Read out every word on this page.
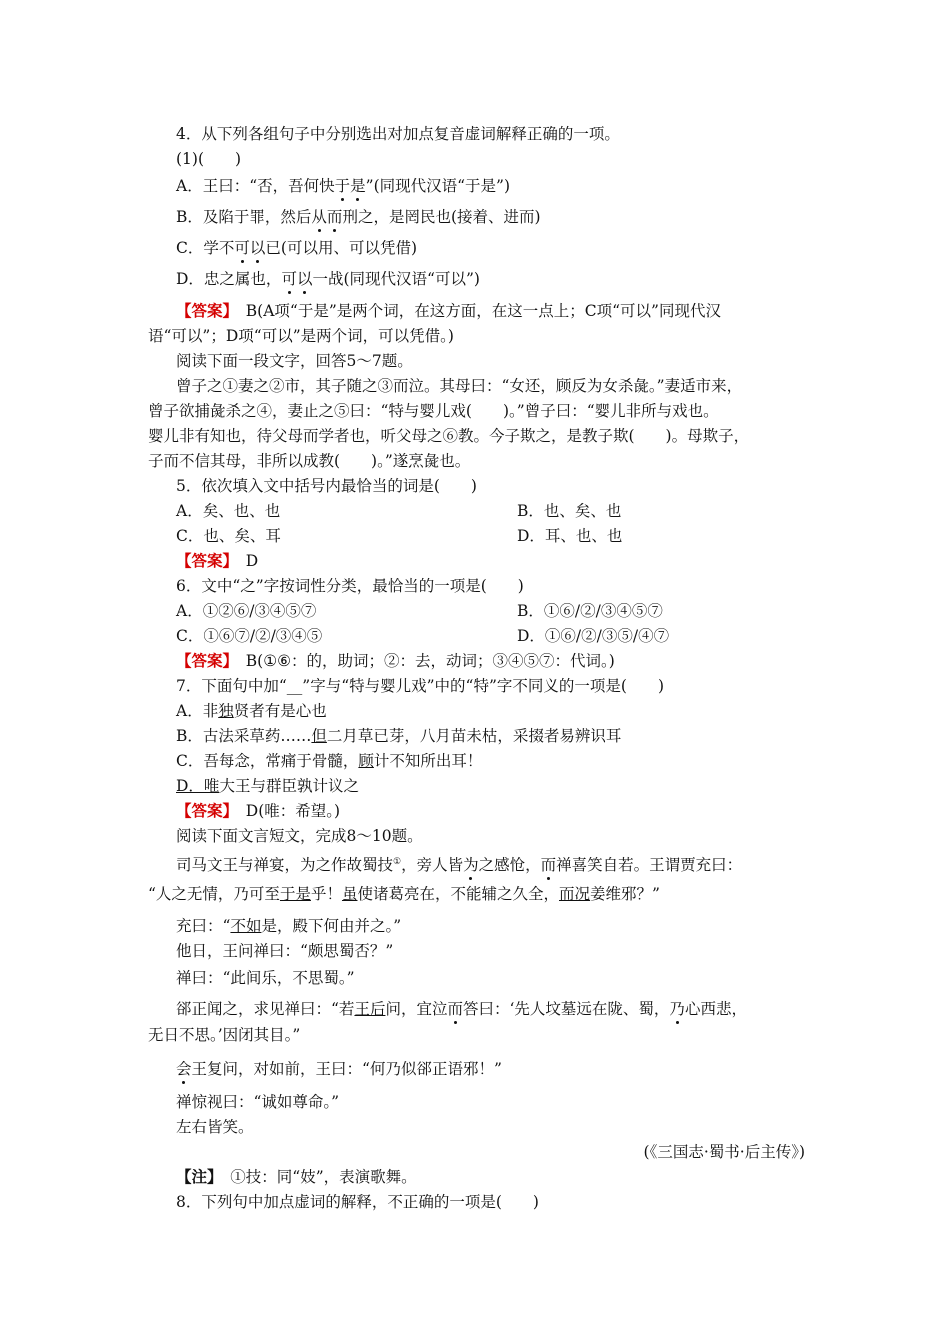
4．从下列各组句子中分别选出对加点复音虚词解释正确的一项。
(1)(　　)
A．王曰：“否，吾何快于是”(同现代汉语“于是”)
B．及陷于罪，然后从而刑之，是罔民也(接着、进而)
C．学不可以已(可以用、可以凭借)
D．忠之属也，可以一战(同现代汉语“可以”)
【答案】　B(A项“于是”是两个词，在这方面，在这一点上；C项“可以”同现代汉
语“可以”；D项“可以”是两个词，可以凭借。)
阅读下面一段文字，回答5～7题。
曾子之①妻之②市，其子随之③而泣。其母曰：“女还，顾反为女杀彘。”妻适市来，
曾子欲捕彘杀之④，妻止之⑤曰：“特与婴儿戏(　　)。”曾子曰：“婴儿非所与戏也。
婴儿非有知也，待父母而学者也，听父母之⑥教。今子欺之，是教子欺(　　)。母欺子，
子而不信其母，非所以成教(　　)。”遂烹彘也。
5．依次填入文中括号内最恰当的词是(　　)
A．矣、也、也	B．也、矣、也
C．也、矣、耳	D．耳、也、也
【答案】　D
6．文中“之”字按词性分类，最恰当的一项是(　　)
A．①②⑥/③④⑤⑦	B．①⑥/②/③④⑤⑦
C．①⑥⑦/②/③④⑤	D．①⑥/②/③⑤/④⑦
【答案】　B(①⑥：的，助词；②：去，动词；③④⑤⑦：代词。)
7．下面句中加“__”字与“特与婴儿戏”中的“特”字不同义的一项是(　　)
A．非独贤者有是心也
B．古法采草药……但二月草已芽，八月苗未枯，采掇者易辨识耳
C．吾每念，常痛于骨髓，顾计不知所出耳！
D．唯大王与群臣孰计议之
【答案】　D(唯：希望。)
阅读下面文言短文，完成8～10题。
司马文王与禅宴，为之作故蜀技①，旁人皆为之感怆，而禅喜笑自若。王谓贾充曰：
“人之无情，乃可至于是乎！虽使诸葛亮在，不能辅之久全，而况姜维邪？”
充曰：“不如是，殿下何由并之。”
他日，王问禅曰：“颇思蜀否？”
禅曰：“此间乐，不思蜀。”
郤正闻之，求见禅曰：“若王后问，宜泣而答曰：‘先人坟墓远在陇、蜀，乃心西悲，
无日不思。’因闭其目。”
会王复问，对如前，王曰：“何乃似郤正语邪！”
禅惊视曰：“诚如尊命。”
左右皆笑。
(《三国志·蜀书·后主传》)
【注】　①技：同“妓”，表演歌舞。
8．下列句中加点虚词的解释，不正确的一项是(　　)
